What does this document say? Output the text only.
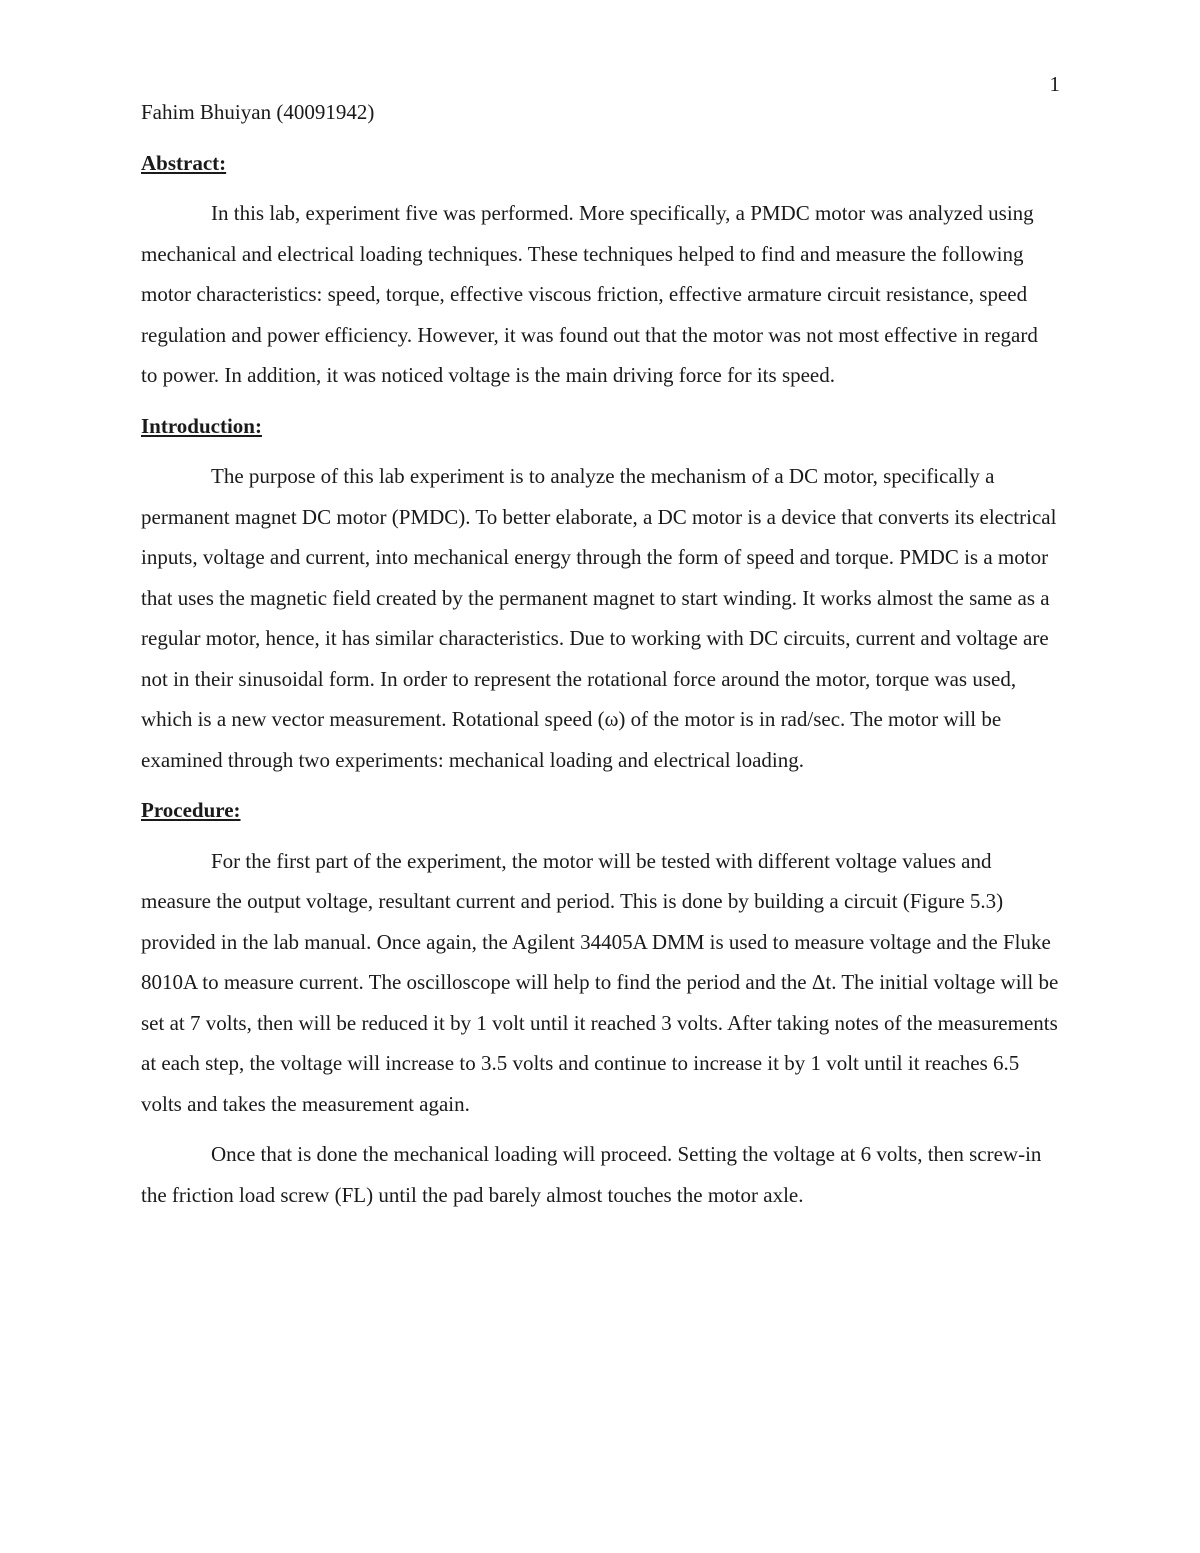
1
Fahim Bhuiyan (40091942)
Abstract:

In this lab, experiment five was performed. More specifically, a PMDC motor was analyzed using mechanical and electrical loading techniques. These techniques helped to find and measure the following motor characteristics: speed, torque, effective viscous friction, effective armature circuit resistance, speed regulation and power efficiency. However, it was found out that the motor was not most effective in regard to power. In addition, it was noticed voltage is the main driving force for its speed.

Introduction:

The purpose of this lab experiment is to analyze the mechanism of a DC motor, specifically a permanent magnet DC motor (PMDC). To better elaborate, a DC motor is a device that converts its electrical inputs, voltage and current, into mechanical energy through the form of speed and torque. PMDC is a motor that uses the magnetic field created by the permanent magnet to start winding. It works almost the same as a regular motor, hence, it has similar characteristics. Due to working with DC circuits, current and voltage are not in their sinusoidal form. In order to represent the rotational force around the motor, torque was used, which is a new vector measurement. Rotational speed (ω) of the motor is in rad/sec. The motor will be examined through two experiments: mechanical loading and electrical loading.

Procedure:

For the first part of the experiment, the motor will be tested with different voltage values and measure the output voltage, resultant current and period. This is done by building a circuit (Figure 5.3) provided in the lab manual. Once again, the Agilent 34405A DMM is used to measure voltage and the Fluke 8010A to measure current. The oscilloscope will help to find the period and the Δt. The initial voltage will be set at 7 volts, then will be reduced it by 1 volt until it reached 3 volts. After taking notes of the measurements at each step, the voltage will increase to 3.5 volts and continue to increase it by 1 volt until it reaches 6.5 volts and takes the measurement again.

Once that is done the mechanical loading will proceed. Setting the voltage at 6 volts, then screw-in the friction load screw (FL) until the pad barely almost touches the motor axle.
